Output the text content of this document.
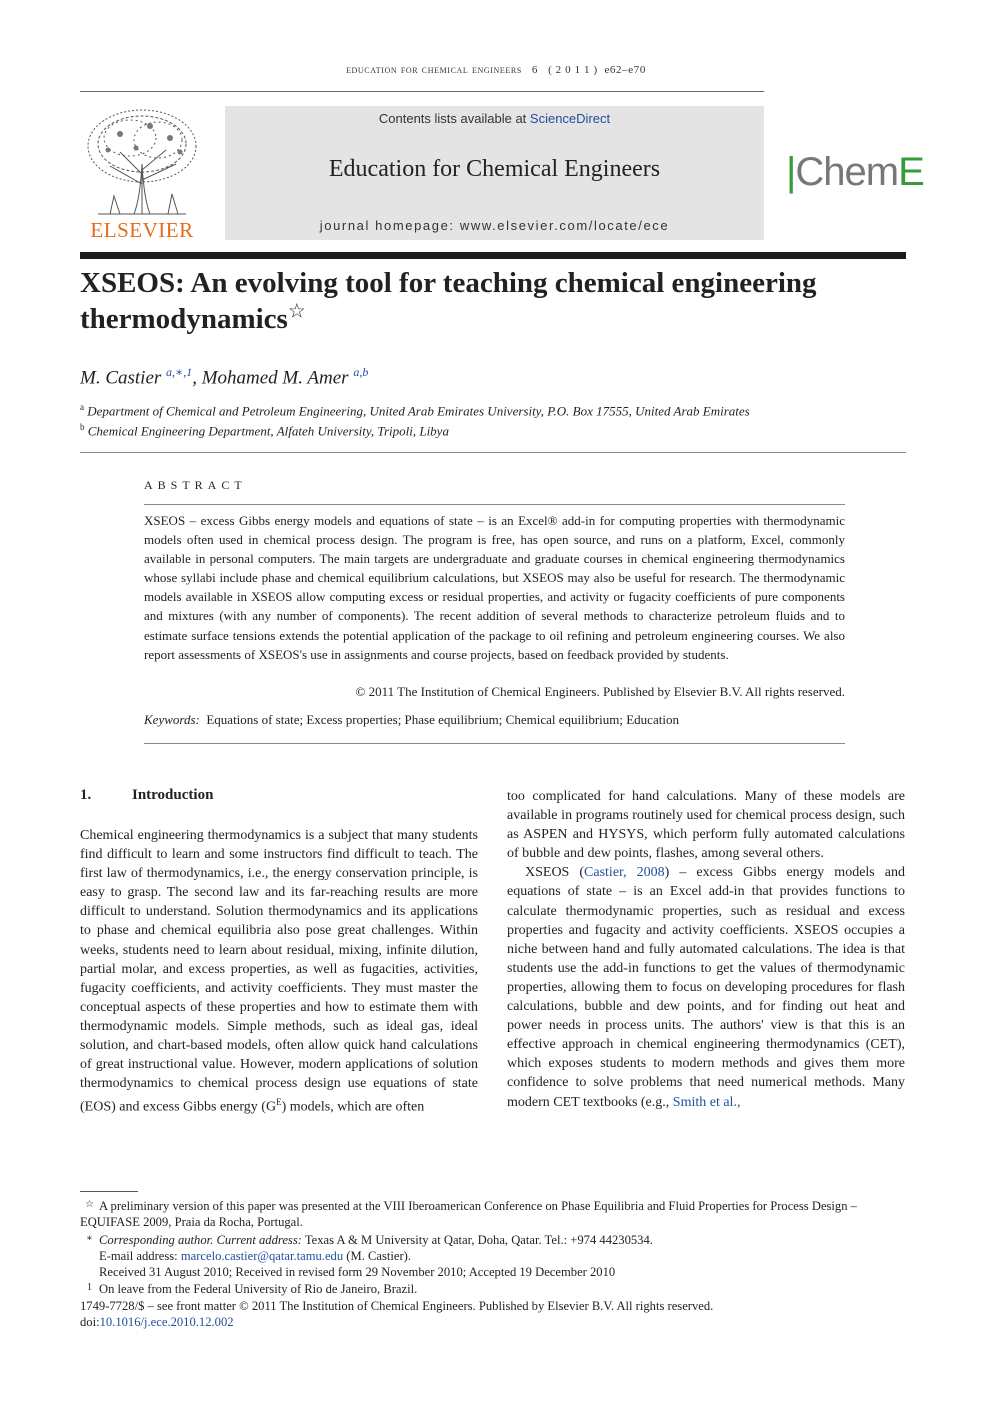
education for chemical engineers 6 ( 2 0 1 1 ) e62–e70
ELSEVIER
Contents lists available at ScienceDirect
Education for Chemical Engineers
journal homepage: www.elsevier.com/locate/ece
|ChemE
XSEOS: An evolving tool for teaching chemical engineering
thermodynamics☆
M. Castier $^{a,∗,1}$, Mohamed M. Amer $^{a,b}$
$^a$ Department of Chemical and Petroleum Engineering, United Arab Emirates University, P.O. Box 17555, United Arab Emirates
$^b$ Chemical Engineering Department, Alfateh University, Tripoli, Libya
ABSTRACT
XSEOS – excess Gibbs energy models and equations of state – is an Excel® add-in for computing properties with thermodynamic models often used in chemical process design. The program is free, has open source, and runs on a platform, Excel, commonly available in personal computers. The main targets are undergraduate and graduate courses in chemical engineering thermodynamics whose syllabi include phase and chemical equilibrium calculations, but XSEOS may also be useful for research. The thermodynamic models available in XSEOS allow computing excess or residual properties, and activity or fugacity coefficients of pure components and mixtures (with any number of components). The recent addition of several methods to characterize petroleum fluids and to estimate surface tensions extends the potential application of the package to oil refining and petroleum engineering courses. We also report assessments of XSEOS's use in assignments and course projects, based on feedback provided by students.
© 2011 The Institution of Chemical Engineers. Published by Elsevier B.V. All rights reserved.
Keywords: Equations of state; Excess properties; Phase equilibrium; Chemical equilibrium; Education
1.	Introduction

Chemical engineering thermodynamics is a subject that many students find difficult to learn and some instructors find difficult to teach. The first law of thermodynamics, i.e., the energy conservation principle, is easy to grasp. The second law and its far-reaching results are more difficult to understand. Solution thermodynamics and its applications to phase and chemical equilibria also pose great challenges. Within weeks, students need to learn about residual, mixing, infinite dilution, partial molar, and excess properties, as well as fugacities, activities, fugacity coefficients, and activity coefficients. They must master the conceptual aspects of these properties and how to estimate them with thermodynamic models. Simple methods, such as ideal gas, ideal solution, and chart-based models, often allow quick hand calculations of great instructional value. However, modern applications of solution thermodynamics to chemical process design use equations of state (EOS) and excess Gibbs energy $(G^E)$ models, which are often

too complicated for hand calculations. Many of these models are available in programs routinely used for chemical process design, such as ASPEN and HYSYS, which perform fully automated calculations of bubble and dew points, flashes, among several others.

XSEOS (Castier, 2008) – excess Gibbs energy models and equations of state – is an Excel add-in that provides functions to calculate thermodynamic properties, such as residual and excess properties and fugacity and activity coefficients. XSEOS occupies a niche between hand and fully automated calculations. The idea is that students use the add-in functions to get the values of thermodynamic properties, allowing them to focus on developing procedures for flash calculations, bubble and dew points, and for finding out heat and power needs in process units. The authors' view is that this is an effective approach in chemical engineering thermodynamics (CET), which exposes students to modern methods and gives them more confidence to solve problems that need numerical methods. Many modern CET textbooks (e.g., Smith et al.,

☆ A preliminary version of this paper was presented at the VIII Iberoamerican Conference on Phase Equilibria and Fluid Properties for Process Design – EQUIFASE 2009, Praia da Rocha, Portugal.

∗ Corresponding author. Current address: Texas A & M University at Qatar, Doha, Qatar. Tel.: +974 44230534.

E-mail address: marcelo.castier@qatar.tamu.edu (M. Castier).

Received 31 August 2010; Received in revised form 29 November 2010; Accepted 19 December 2010

1 On leave from the Federal University of Rio de Janeiro, Brazil.

1749-7728/$ – see front matter © 2011 The Institution of Chemical Engineers. Published by Elsevier B.V. All rights reserved.

doi:10.1016/j.ece.2010.12.002
